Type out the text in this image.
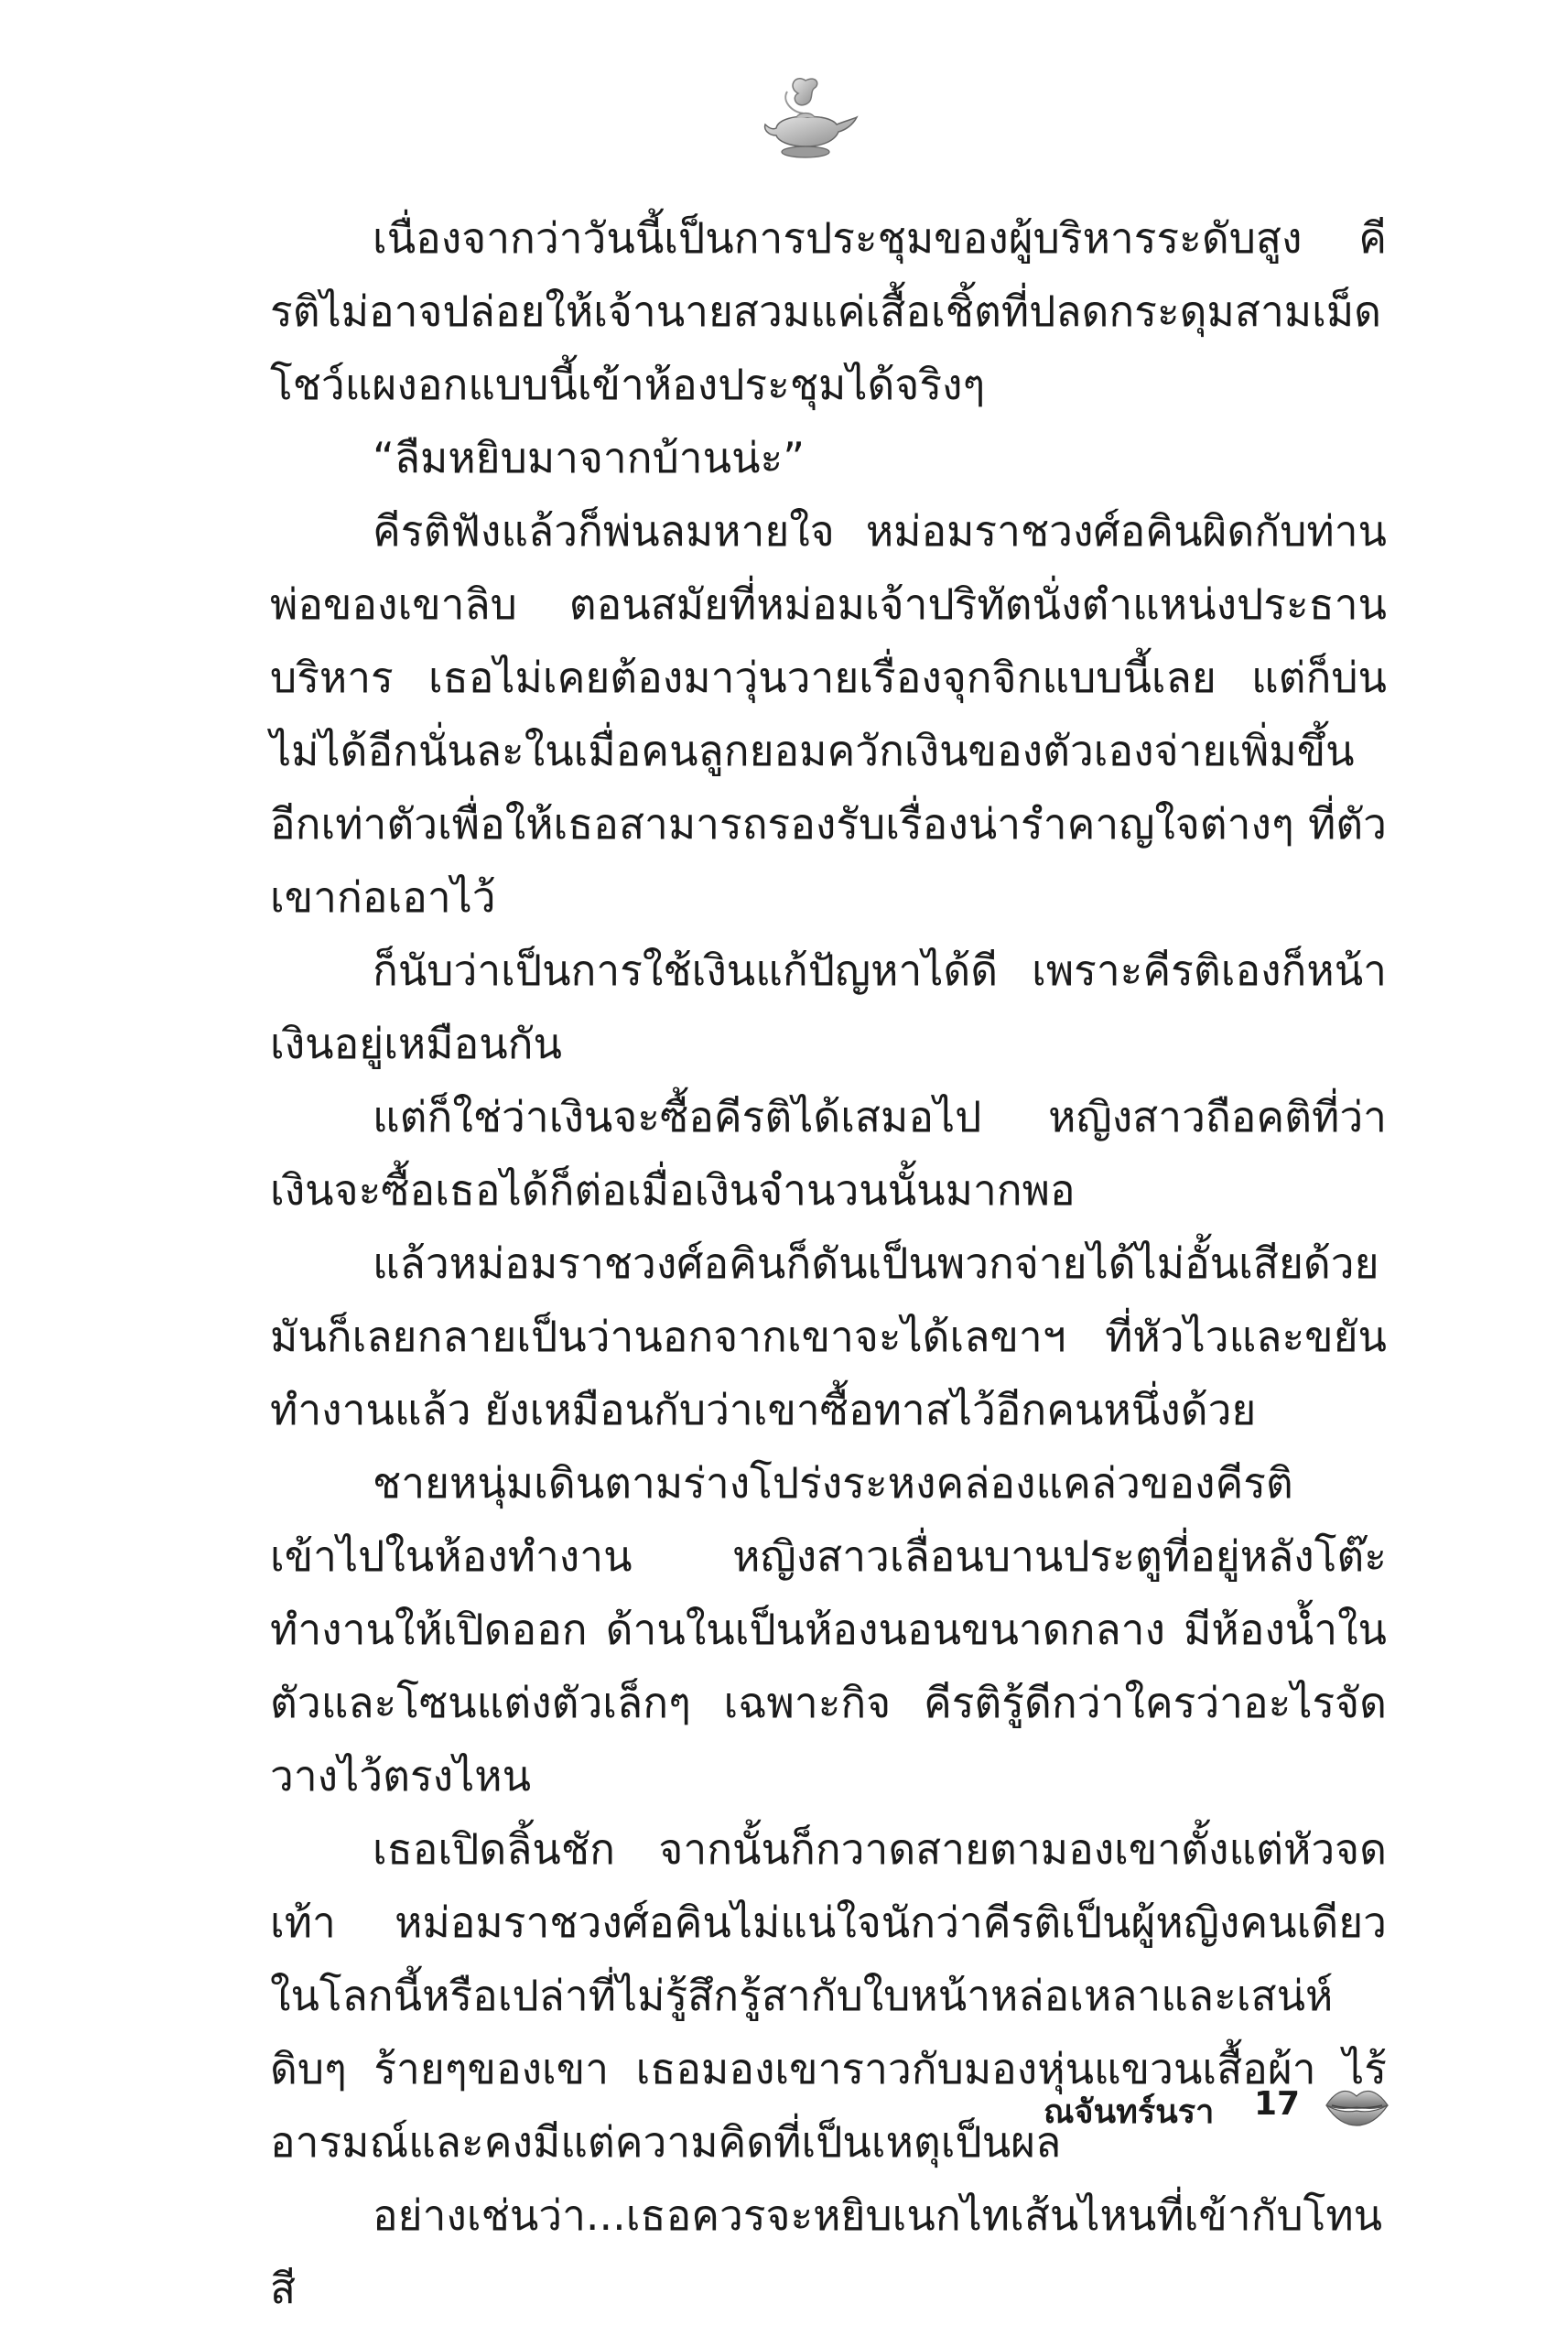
เนื่องจากว่าวันนี้เป็นการประชุมของผู้บริหารระดับสูง คีรติไม่อาจปล่อยให้เจ้านายสวมแค่เสื้อเชิ้ตที่ปลดกระดุมสามเม็ดโชว์แผงอกแบบนี้เข้าห้องประชุมได้จริงๆ

“ลืมหยิบมาจากบ้านน่ะ”

คีรติฟังแล้วก็พ่นลมหายใจ หม่อมราชวงศ์อคินผิดกับท่านพ่อของเขาลิบ ตอนสมัยที่หม่อมเจ้าปริทัตนั่งตำแหน่งประธานบริหาร เธอไม่เคยต้องมาวุ่นวายเรื่องจุกจิกแบบนี้เลย แต่ก็บ่นไม่ได้อีกนั่นละในเมื่อคนลูกยอมควักเงินของตัวเองจ่ายเพิ่มขึ้นอีกเท่าตัวเพื่อให้เธอสามารถรองรับเรื่องน่ารำคาญใจต่างๆ ที่ตัวเขาก่อเอาไว้

ก็นับว่าเป็นการใช้เงินแก้ปัญหาได้ดี เพราะคีรติเองก็หน้าเงินอยู่เหมือนกัน

แต่ก็ใช่ว่าเงินจะซื้อคีรติได้เสมอไป หญิงสาวถือคติที่ว่าเงินจะซื้อเธอได้ก็ต่อเมื่อเงินจำนวนนั้นมากพอ

แล้วหม่อมราชวงศ์อคินก็ดันเป็นพวกจ่ายได้ไม่อั้นเสียด้วยมันก็เลยกลายเป็นว่านอกจากเขาจะได้เลขาฯ ที่หัวไวและขยันทำงานแล้ว ยังเหมือนกับว่าเขาซื้อทาสไว้อีกคนหนึ่งด้วย

ชายหนุ่มเดินตามร่างโปร่งระหงคล่องแคล่วของคีรติเข้าไปในห้องทำงาน หญิงสาวเลื่อนบานประตูที่อยู่หลังโต๊ะทำงานให้เปิดออก ด้านในเป็นห้องนอนขนาดกลาง มีห้องน้ำในตัวและโซนแต่งตัวเล็กๆ เฉพาะกิจ คีรติรู้ดีกว่าใครว่าอะไรจัดวางไว้ตรงไหน

เธอเปิดลิ้นชัก จากนั้นก็กวาดสายตามองเขาตั้งแต่หัวจดเท้า หม่อมราชวงศ์อคินไม่แน่ใจนักว่าคีรติเป็นผู้หญิงคนเดียวในโลกนี้หรือเปล่าที่ไม่รู้สึกรู้สากับใบหน้าหล่อเหลาและเสน่ห์ดิบๆ ร้ายๆของเขา เธอมองเขาราวกับมองหุ่นแขวนเสื้อผ้า ไร้อารมณ์และคงมีแต่ความคิดที่เป็นเหตุเป็นผล

อย่างเช่นว่า...เธอควรจะหยิบเนกไทเส้นไหนที่เข้ากับโทนสี

ณจันทร์นรา 17
